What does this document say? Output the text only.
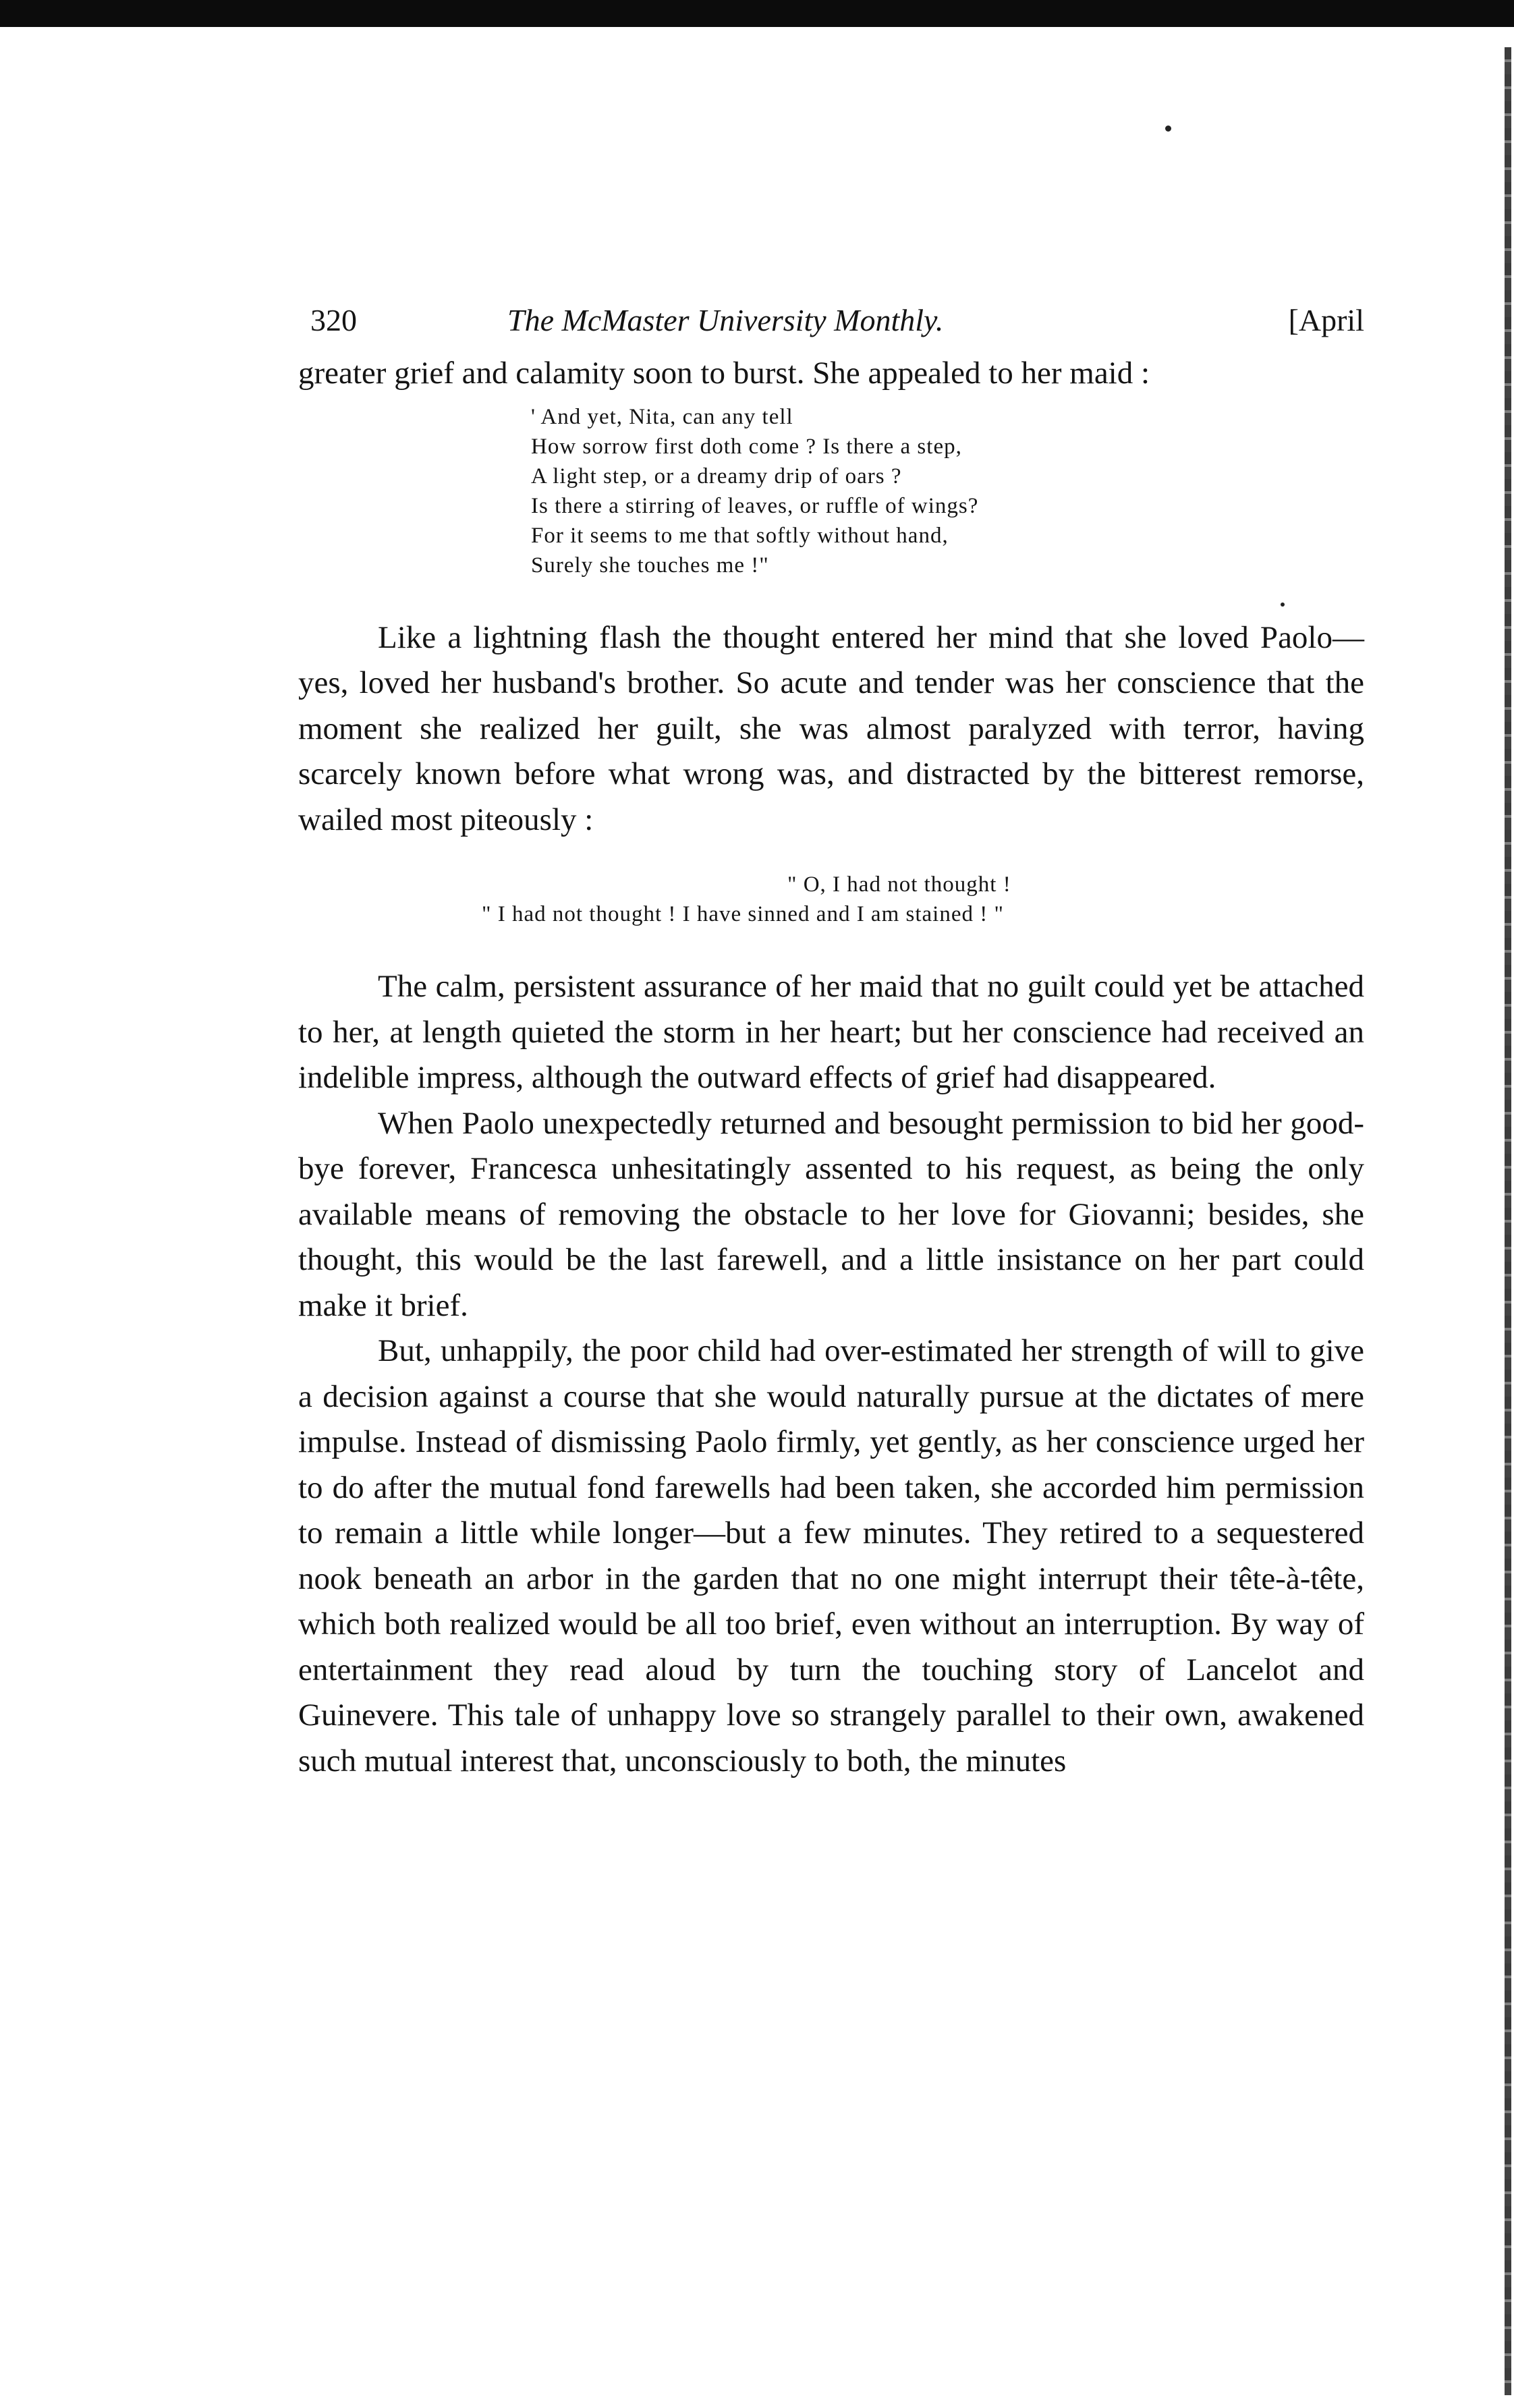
320	The McMaster University Monthly.	[April

greater grief and calamity soon to burst. She appealed to her maid :

' And yet, Nita, can any tell

How sorrow first doth come ? Is there a step,

A light step, or a dreamy drip of oars ?

Is there a stirring of leaves, or ruffle of wings?

For it seems to me that softly without hand,

Surely she touches me !"

Like a lightning flash the thought entered her mind that she loved Paolo—yes, loved her husband's brother. So acute and tender was her conscience that the moment she realized her guilt, she was almost paralyzed with terror, having scarcely known before what wrong was, and distracted by the bitterest remorse, wailed most piteously :

" O, I had not thought !

" I had not thought ! I have sinned and I am stained ! "

The calm, persistent assurance of her maid that no guilt could yet be attached to her, at length quieted the storm in her heart; but her conscience had received an indelible impress, although the outward effects of grief had disappeared.

When Paolo unexpectedly returned and besought permission to bid her good-bye forever, Francesca unhesitatingly assented to his request, as being the only available means of removing the obstacle to her love for Giovanni; besides, she thought, this would be the last farewell, and a little insistance on her part could make it brief.

But, unhappily, the poor child had over-estimated her strength of will to give a decision against a course that she would naturally pursue at the dictates of mere impulse. Instead of dismissing Paolo firmly, yet gently, as her conscience urged her to do after the mutual fond farewells had been taken, she accorded him permission to remain a little while longer—but a few minutes. They retired to a sequestered nook beneath an arbor in the garden that no one might interrupt their tête-à-tête, which both realized would be all too brief, even without an interruption. By way of entertainment they read aloud by turn the touching story of Lancelot and Guinevere. This tale of unhappy love so strangely parallel to their own, awakened such mutual interest that, unconsciously to both, the minutes
